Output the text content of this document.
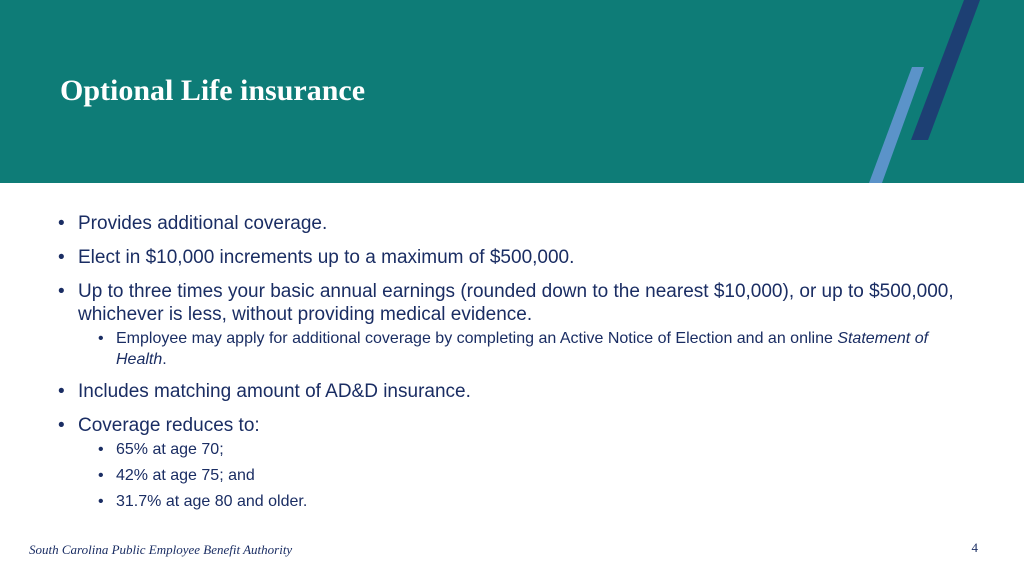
Optional Life insurance
• Provides additional coverage.
• Elect in $10,000 increments up to a maximum of $500,000.
• Up to three times your basic annual earnings (rounded down to the nearest $10,000), or up to $500,000, whichever is less, without providing medical evidence.
• Employee may apply for additional coverage by completing an Active Notice of Election and an online Statement of Health.
• Includes matching amount of AD&D insurance.
• Coverage reduces to:
• 65% at age 70;
• 42% at age 75; and
• 31.7% at age 80 and older.
South Carolina Public Employee Benefit Authority	4
